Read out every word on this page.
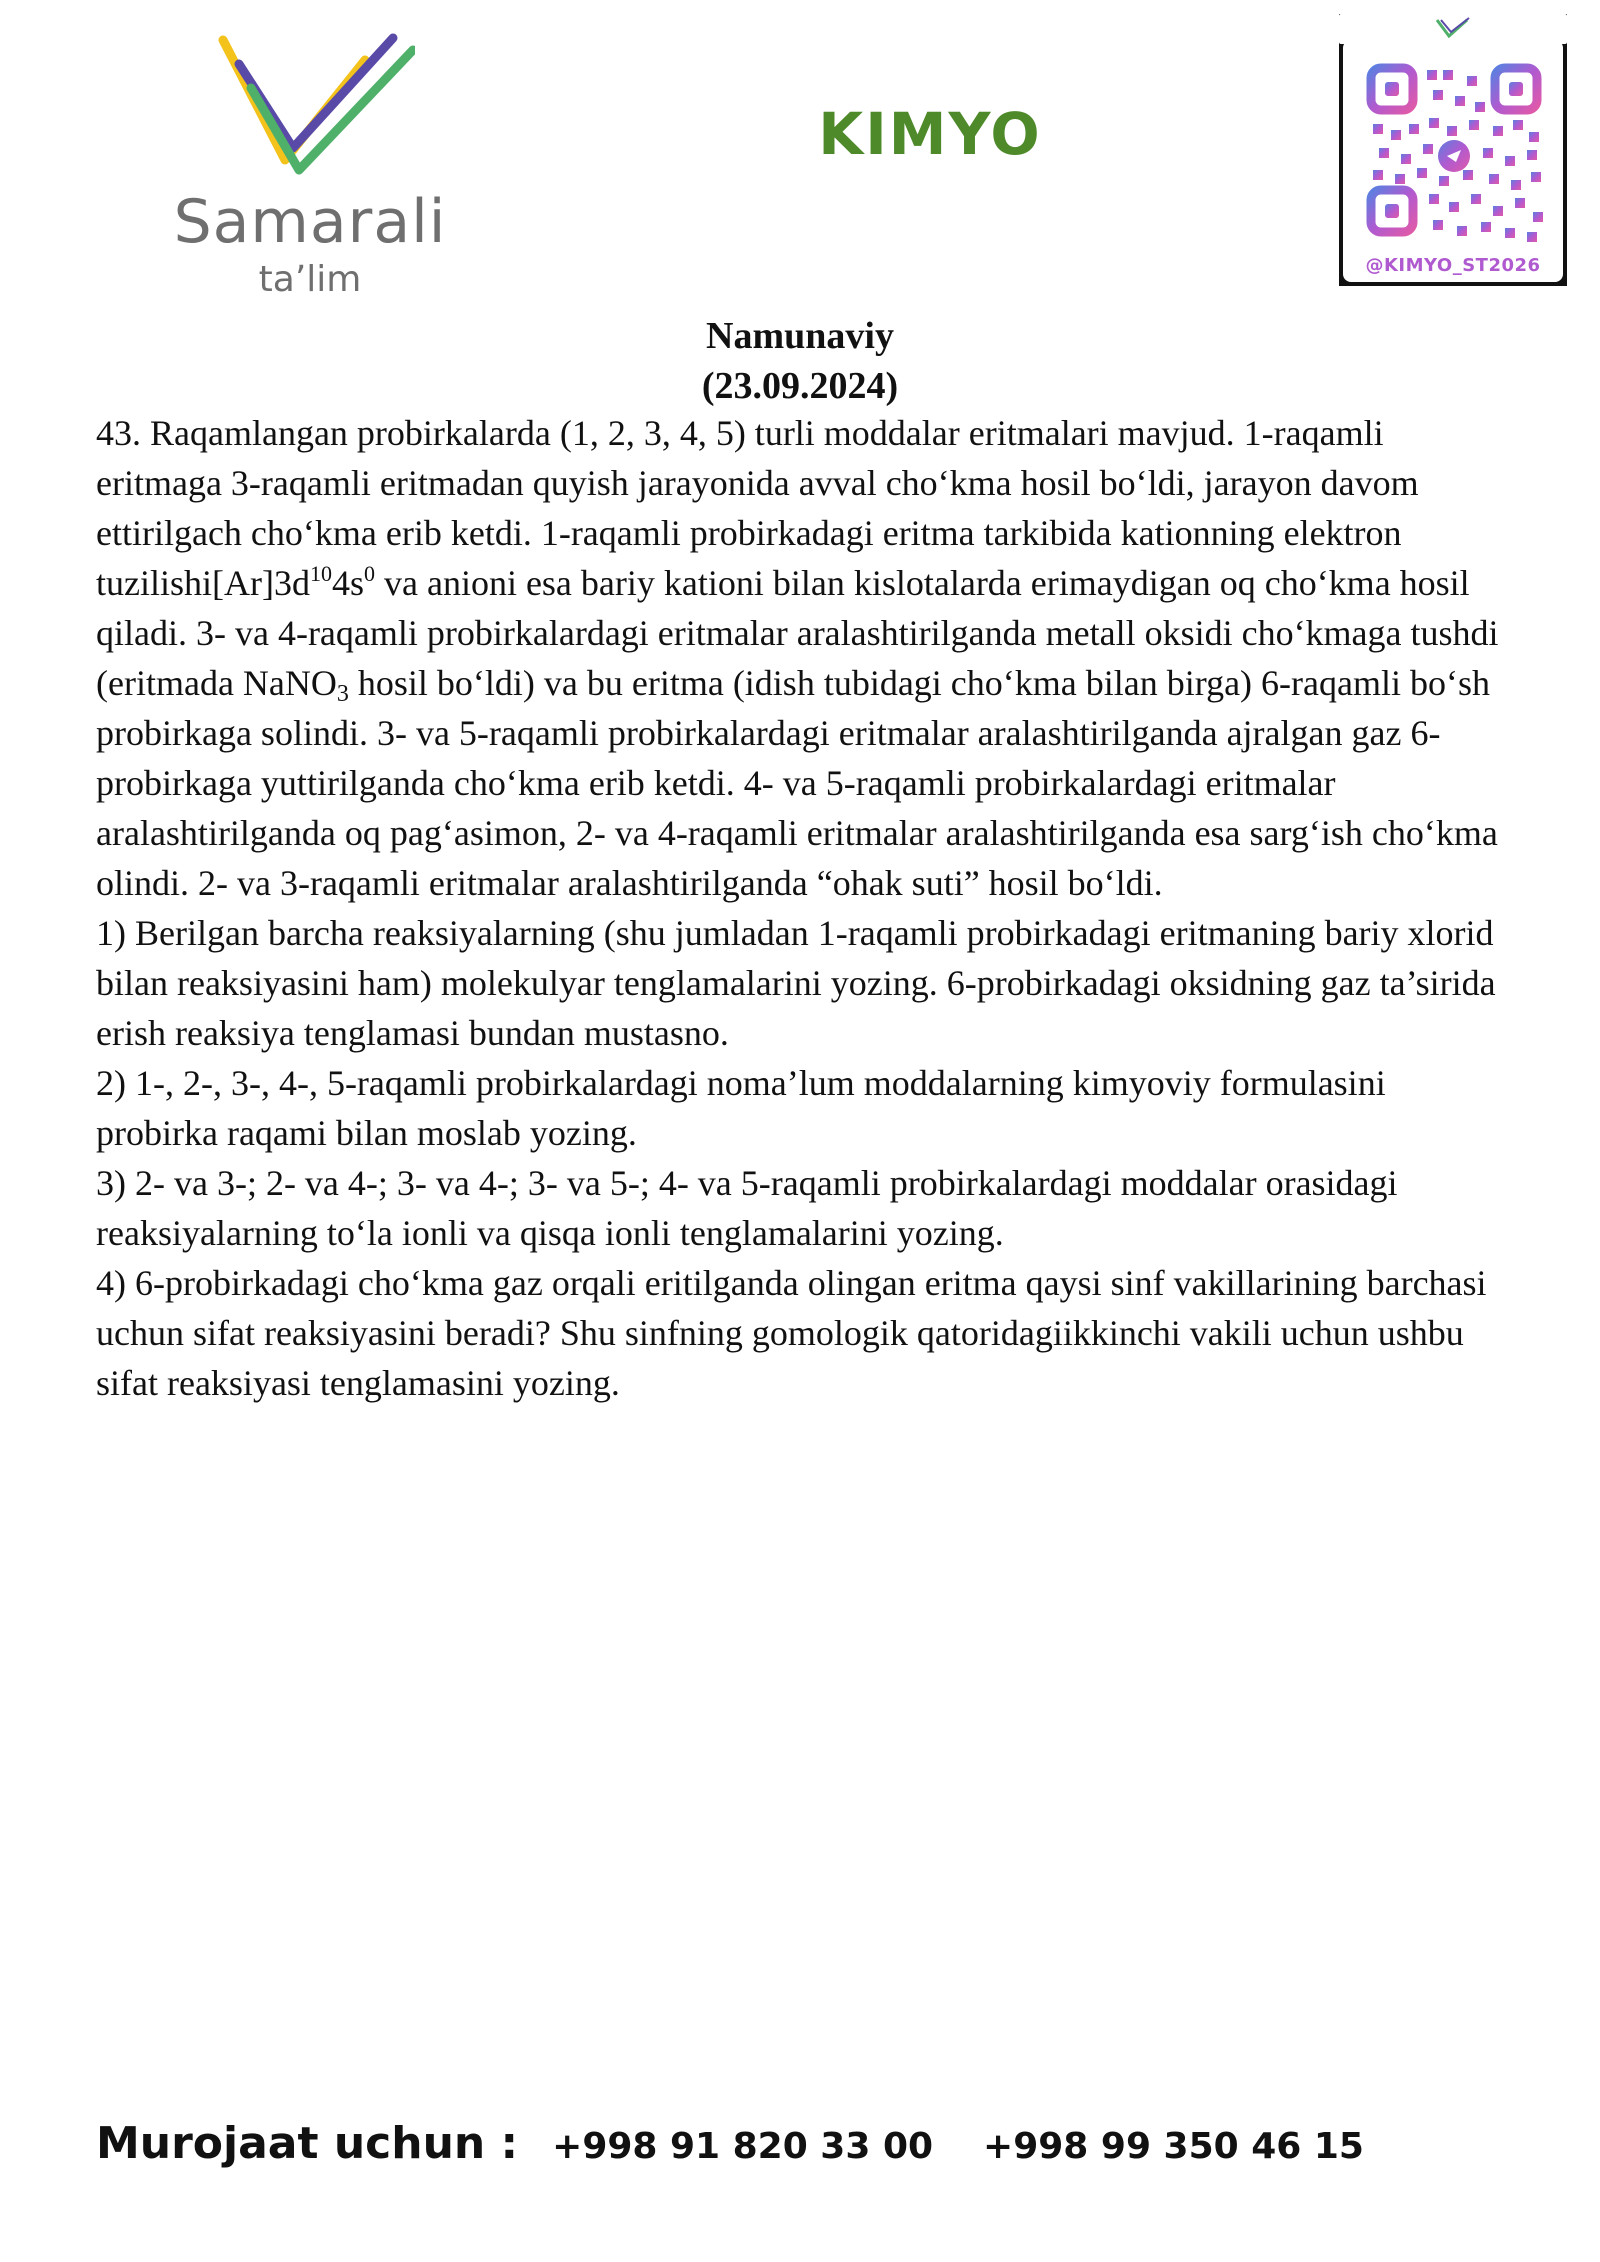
Samarali
ta’lim
KIMYO
@KIMYO_ST2026
Namunaviy
(23.09.2024)

43. Raqamlangan probirkalarda (1, 2, 3, 4, 5) turli moddalar eritmalari mavjud. 1-raqamli eritmaga 3-raqamli eritmadan quyish jarayonida avval cho‘kma hosil bo‘ldi, jarayon davom ettirilgach cho‘kma erib ketdi. 1-raqamli probirkadagi eritma tarkibida kationning elektron $tuzilishi[Ar]3d^{10}4s^0$ va anioni esa bariy kationi bilan kislotalarda erimaydigan oq cho‘kma hosil qiladi. 3- va 4-raqamli probirkalardagi eritmalar aralashtirilganda metall oksidi cho‘kmaga tushdi (eritmada NaNO$_3$ hosil bo‘ldi) va bu eritma (idish tubidagi cho‘kma bilan birga) 6-raqamli bo‘sh probirkaga solindi. 3- va 5-raqamli probirkalardagi eritmalar aralashtirilganda ajralgan gaz 6-probirkaga yuttirilganda cho‘kma erib ketdi. 4- va 5-raqamli probirkalardagi eritmalar aralashtirilganda oq pag‘asimon, 2- va 4-raqamli eritmalar aralashtirilganda esa sarg‘ish cho‘kma olindi. 2- va 3-raqamli eritmalar aralashtirilganda “ohak suti” hosil bo‘ldi.

1) Berilgan barcha reaksiyalarning (shu jumladan 1-raqamli probirkadagi eritmaning bariy xlorid bilan reaksiyasini ham) molekulyar tenglamalarini yozing. 6-probirkadagi oksidning gaz ta’sirida erish reaksiya tenglamasi bundan mustasno.

2) 1-, 2-, 3-, 4-, 5-raqamli probirkalardagi noma’lum moddalarning kimyoviy formulasini probirka raqami bilan moslab yozing.

3) 2- va 3-; 2- va 4-; 3- va 4-; 3- va 5-; 4- va 5-raqamli probirkalardagi moddalar orasidagi reaksiyalarning to‘la ionli va qisqa ionli tenglamalarini yozing.

4) 6-probirkadagi cho‘kma gaz orqali eritilganda olingan eritma qaysi sinf vakillarining barchasi uchun sifat reaksiyasini beradi? Shu sinfning gomologik qatoridagiikkinchi vakili uchun ushbu sifat reaksiyasi tenglamasini yozing.

Murojaat uchun : +998 91 820 33 00 +998 99 350 46 15
